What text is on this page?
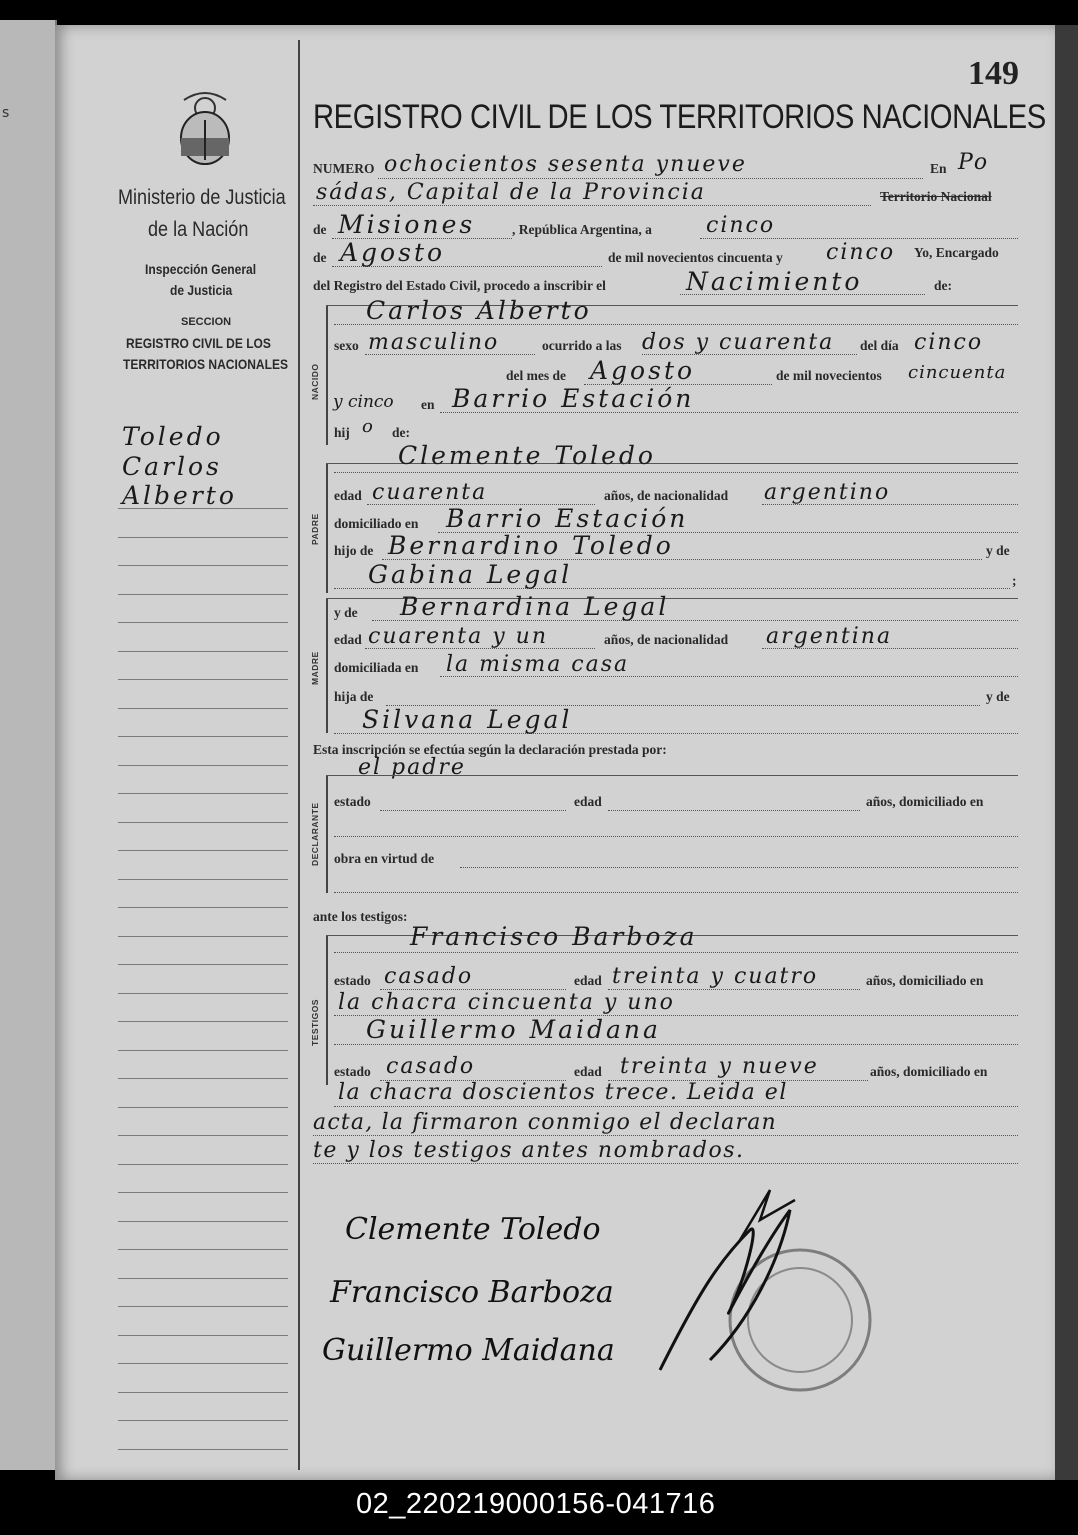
s
149
Ministerio de Justicia
de la Nación
Inspección General
de Justicia
SECCION
REGISTRO CIVIL DE LOS
TERRITORIOS NACIONALES
Toledo
Carlos
Alberto
REGISTRO CIVIL DE LOS TERRITORIOS NACIONALES
NUMERO ochocientos sesenta ynueve	En Po
sádas, Capital de la Provincia	Territorio Nacional
de Misiones	, República Argentina, a cinco
de Agosto	de mil novecientos cincuenta y cinco Yo, Encargado
del Registro del Estado Civil, procedo a inscribir el	Nacimiento	de:
NACIDO
Carlos Alberto
sexo masculino	ocurrido a las dos y cuarenta del día cinco
del mes de Agosto	de mil novecientos cincuenta
y cinco en Barrio Estación
hij o de:
PADRE
Clemente Toledo
edad cuarenta	años, de nacionalidad argentino
domiciliado en Barrio Estación
hijo de Bernardino Toledo	y de
Gabina Legal	;
MADRE
y de Bernardina Legal
edad cuarenta y un	años, de nacionalidad argentina
domiciliada en la misma casa
hija de	y de
Silvana Legal
Esta inscripción se efectúa según la declaración prestada por:
el padre
DECLARANTE
estado	edad	años, domiciliado en
obra en virtud de
ante los testigos:
TESTIGOS
Francisco Barboza
estado casado	edad treinta y cuatro	años, domiciliado en
la chacra cincuenta y uno
Guillermo Maidana
estado casado	edad treinta y nueve	años, domiciliado en
la chacra doscientos trece. Leida el
acta, la firmaron conmigo el declaran
te y los testigos antes nombrados.
Clemente Toledo
Francisco Barboza
Guillermo Maidana
02_220219000156-041716
